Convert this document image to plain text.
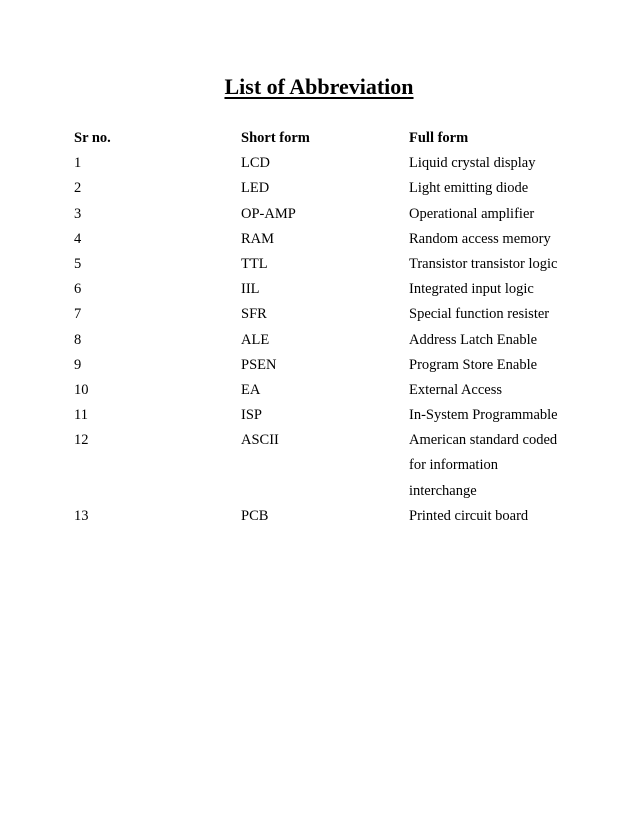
List of Abbreviation
Sr no.	Short form	Full form
1	LCD	Liquid crystal display
2	LED	Light emitting diode
3	OP-AMP	Operational amplifier
4	RAM	Random access memory
5	TTL	Transistor transistor logic
6	IIL	Integrated input logic
7	SFR	Special function resister
8	ALE	Address Latch Enable
9	PSEN	Program Store Enable
10	EA	External Access
11	ISP	In-System Programmable
12	ASCII	American standard coded
for information
interchange
13	PCB	Printed circuit board
